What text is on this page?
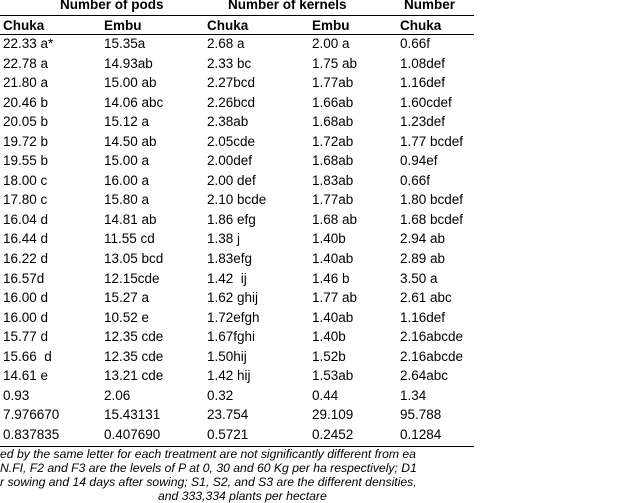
Number of pods	Number of kernels	Number
Chuka	Embu	Chuka	Embu	Chuka
22.33 a*	15.35a	2.68 a	2.00 a	0.66f
22.78 a	14.93ab	2.33 bc	1.75 ab	1.08def
21.80 a	15.00 ab	2.27bcd	1.77ab	1.16def
20.46 b	14.06 abc	2.26bcd	1.66ab	1.60cdef
20.05 b	15.12 a	2.38ab	1.68ab	1.23def
19.72 b	14.50 ab	2.05cde	1.72ab	1.77 bcdef
19.55 b	15.00 a	2.00def	1.68ab	0.94ef
18.00 c	16.00 a	2.00 def	1.83ab	0.66f
17.80 c	15.80 a	2.10 bcde	1.77ab	1.80 bcdef
16.04 d	14.81 ab	1.86 efg	1.68 ab	1.68 bcdef
16.44 d	11.55 cd	1.38 j	1.40b	2.94 ab
16.22 d	13.05 bcd	1.83efg	1.40ab	2.89 ab
16.57d	12.15cde	1.42  ij	1.46 b	3.50 a
16.00 d	15.27 a	1.62 ghij	1.77 ab	2.61 abc
16.00 d	10.52 e	1.72efgh	1.40ab	1.16def
15.77 d	12.35 cde	1.67fghi	1.40b	2.16abcde
15.66  d	12.35 cde	1.50hij	1.52b	2.16abcde
14.61 e	13.21 cde	1.42 hij	1.53ab	2.64abc
0.93	2.06	0.32	0.44	1.34
7.976670	15.43131	23.754	29.109	95.788
0.837835	0.407690	0.5721	0.2452	0.1284
ed by the same letter for each treatment are not significantly different from ea
N.FI, F2 and F3 are the levels of P at 0, 30 and 60 Kg per ha respectively; D1
r sowing and 14 days after sowing; S1, S2, and S3 are the different densities,
and 333,334 plants per hectare
